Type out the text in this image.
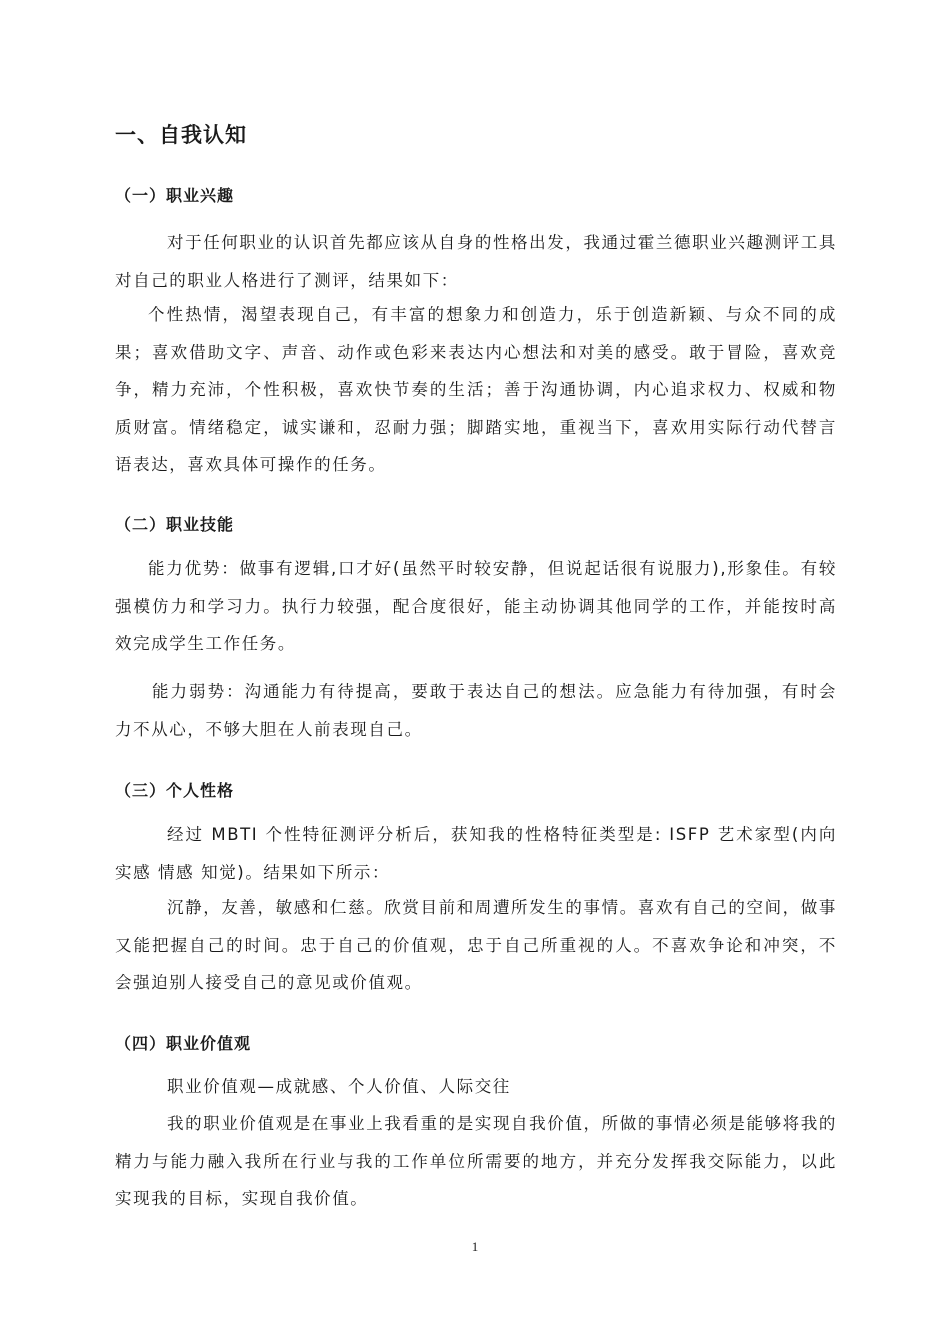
一、自我认知
（一）职业兴趣

对于任何职业的认识首先都应该从自身的性格出发，我通过霍兰德职业兴趣测评工具对自己的职业人格进行了测评，结果如下：

个性热情，渴望表现自己，有丰富的想象力和创造力，乐于创造新颖、与众不同的成果；喜欢借助文字、声音、动作或色彩来表达内心想法和对美的感受。敢于冒险，喜欢竞争，精力充沛，个性积极，喜欢快节奏的生活；善于沟通协调，内心追求权力、权威和物质财富。情绪稳定，诚实谦和，忍耐力强；脚踏实地，重视当下，喜欢用实际行动代替言语表达，喜欢具体可操作的任务。

（二）职业技能

能力优势：做事有逻辑,口才好(虽然平时较安静，但说起话很有说服力),形象佳。有较强模仿力和学习力。执行力较强，配合度很好，能主动协调其他同学的工作，并能按时高效完成学生工作任务。

能力弱势：沟通能力有待提高，要敢于表达自己的想法。应急能力有待加强，有时会力不从心，不够大胆在人前表现自己。

（三）个人性格

经过 MBTI 个性特征测评分析后，获知我的性格特征类型是: ISFP 艺术家型(内向 实感 情感 知觉)。结果如下所示：

沉静，友善，敏感和仁慈。欣赏目前和周遭所发生的事情。喜欢有自己的空间，做事又能把握自己的时间。忠于自己的价值观，忠于自己所重视的人。不喜欢争论和冲突，不会强迫别人接受自己的意见或价值观。

（四）职业价值观

职业价值观—成就感、个人价值、人际交往

我的职业价值观是在事业上我看重的是实现自我价值，所做的事情必须是能够将我的精力与能力融入我所在行业与我的工作单位所需要的地方，并充分发挥我交际能力，以此实现我的目标，实现自我价值。

1
